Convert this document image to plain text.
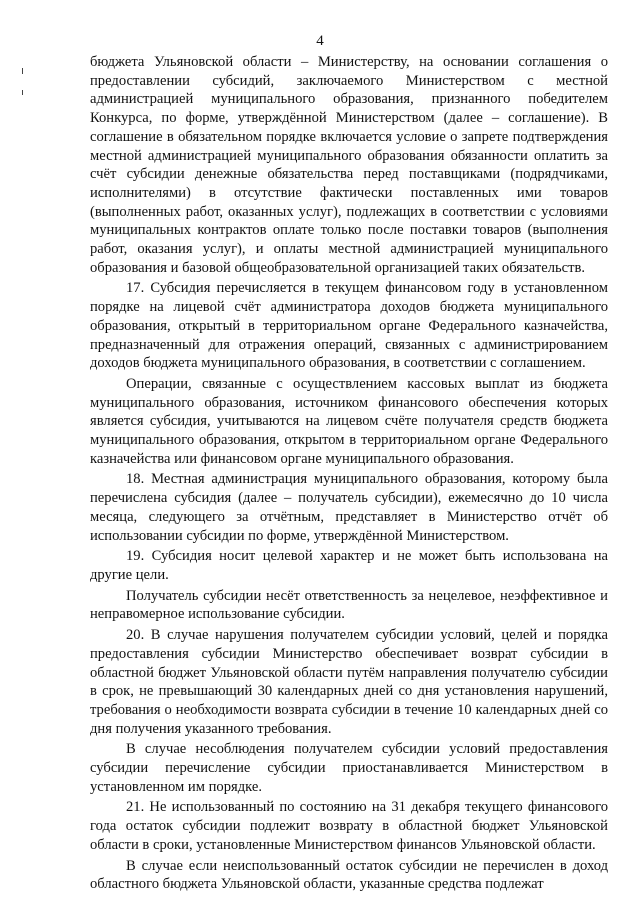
4

бюджета Ульяновской области – Министерству, на основании соглашения о предоставлении субсидий, заключаемого Министерством с местной администрацией муниципального образования, признанного победителем Конкурса, по форме, утверждённой Министерством (далее – соглашение). В соглашение в обязательном порядке включается условие о запрете подтверждения местной администрацией муниципального образования обязанности оплатить за счёт субсидии денежные обязательства перед поставщиками (подрядчиками, исполнителями) в отсутствие фактически поставленных ими товаров (выполненных работ, оказанных услуг), подлежащих в соответствии с условиями муниципальных контрактов оплате только после поставки товаров (выполнения работ, оказания услуг), и оплаты местной администрацией муниципального образования и базовой общеобразовательной организацией таких обязательств.

17. Субсидия перечисляется в текущем финансовом году в установленном порядке на лицевой счёт администратора доходов бюджета муниципального образования, открытый в территориальном органе Федерального казначейства, предназначенный для отражения операций, связанных с администрированием доходов бюджета муниципального образования, в соответствии с соглашением.

Операции, связанные с осуществлением кассовых выплат из бюджета муниципального образования, источником финансового обеспечения которых является субсидия, учитываются на лицевом счёте получателя средств бюджета муниципального образования, открытом в территориальном органе Федерального казначейства или финансовом органе муниципального образования.

18. Местная администрация муниципального образования, которому была перечислена субсидия (далее – получатель субсидии), ежемесячно до 10 числа месяца, следующего за отчётным, представляет в Министерство отчёт об использовании субсидии по форме, утверждённой Министерством.

19. Субсидия носит целевой характер и не может быть использована на другие цели.

Получатель субсидии несёт ответственность за нецелевое, неэффективное и неправомерное использование субсидии.

20. В случае нарушения получателем субсидии условий, целей и порядка предоставления субсидии Министерство обеспечивает возврат субсидии в областной бюджет Ульяновской области путём направления получателю субсидии в срок, не превышающий 30 календарных дней со дня установления нарушений, требования о необходимости возврата субсидии в течение 10 календарных дней со дня получения указанного требования.

В случае несоблюдения получателем субсидии условий предоставления субсидии перечисление субсидии приостанавливается Министерством в установленном им порядке.

21. Не использованный по состоянию на 31 декабря текущего финансового года остаток субсидии подлежит возврату в областной бюджет Ульяновской области в сроки, установленные Министерством финансов Ульяновской области.

В случае если неиспользованный остаток субсидии не перечислен в доход областного бюджета Ульяновской области, указанные средства подлежат
